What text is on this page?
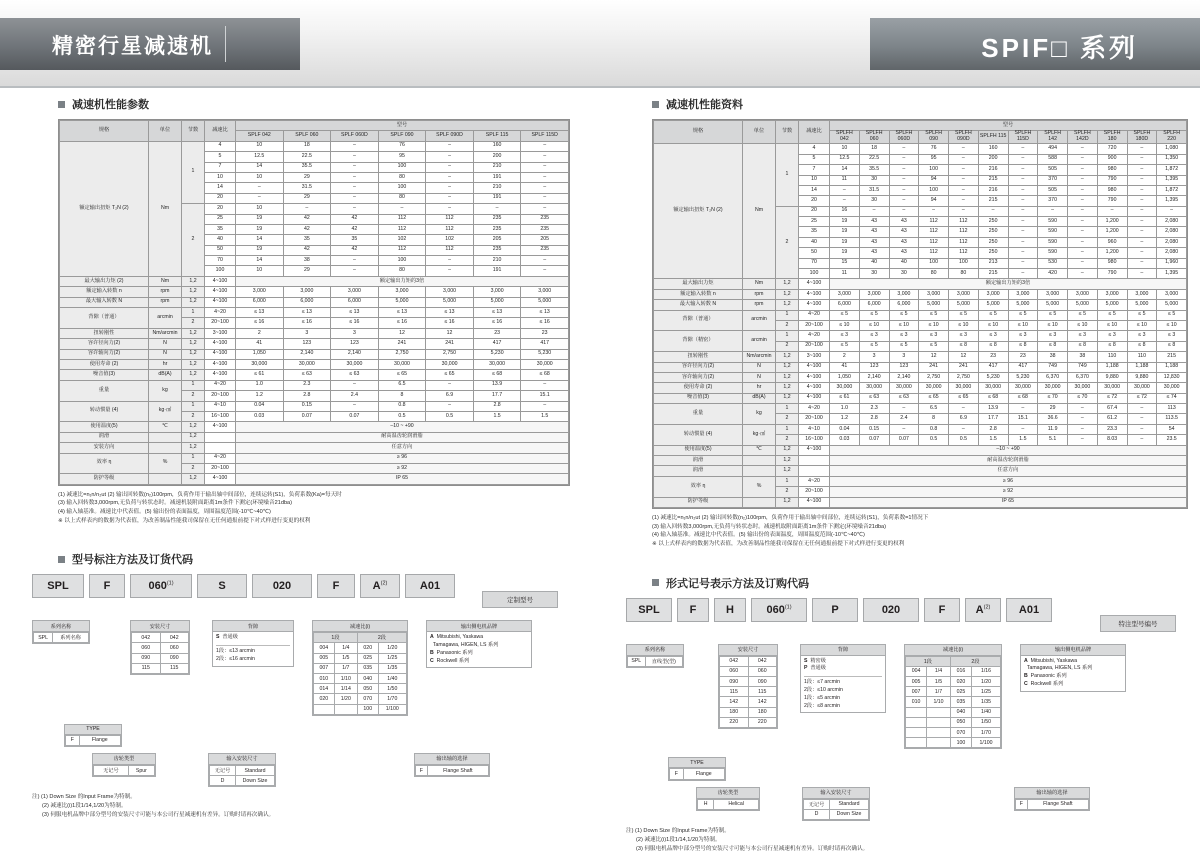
精密行星减速机	SPIF□ 系列
减速机性能参数
规格	单位	节数	减速比	型号						
				SPLF 042	SPLF 060	SPLF 060D	SPLF 090	SPLF 090D	SPLF 115	SPLF 115D
额定输出扭矩 T₂N (2)	Nm	1	4	10	18	–	76	–	160	–
			5	12.5	22.5	–	95	–	200	–
			7	14	35.5	–	100	–	210	–
			10	10	29	–	80	–	191	–
			14	–	31.5	–	100	–	210	–
			20	–	29	–	80	–	191	–
		2	20	10	–	–	–	–	–	–
			25	19	42	42	112	112	235	235
			35	19	42	42	112	112	235	235
			40	14	35	35	102	102	205	205
			50	19	42	42	112	112	235	235
			70	14	38	–	100	–	210	–
			100	10	29	–	80	–	191	–
最大输出力矩 (2)	Nm	1,2	4~100	额定输出力矩的3倍						
额定输入转数 n	rpm	1,2	4~100	3,000	3,000	3,000	3,000	3,000	3,000	3,000
最大输入转数 N	rpm	1,2	4~100	6,000	6,000	6,000	5,000	5,000	5,000	5,000
背隙（普通）	arcmin	1	4~20	≤ 13	≤ 13	≤ 13	≤ 13	≤ 13	≤ 13	≤ 13
		2	20~100	≤ 16	≤ 16	≤ 16	≤ 16	≤ 16	≤ 16	≤ 16
扭转刚性	Nm/arcmin	1,2	3~100	2	3	3	12	12	23	23
容许径向力(2)	N	1,2	4~100	41	123	123	241	241	417	417
容许轴向力(2)	N	1,2	4~100	1,050	2,140	2,140	2,750	2,750	5,230	5,230
使用寿命 (2)	hr	1,2	4~100	30,000	30,000	30,000	30,000	30,000	30,000	30,000
噪音值(3)	dB(A)	1,2	4~100	≤ 61	≤ 63	≤ 63	≤ 65	≤ 65	≤ 68	≤ 68
重量	kg	1	4~20	1.0	2.3	–	6.5	–	13.9	–
		2	20~100	1.2	2.8	2.4	8	6.9	17.7	15.1
转动惯量 (4)	kg·㎠	1	4~10	0.04	0.15	–	0.8	–	2.8	–
		2	16~100	0.03	0.07	0.07	0.5	0.5	1.5	1.5
使用温度(5)	℃	1,2	4~100	–10 ~ +90						
润滑		1,2		耐高温齿轮润滑脂						
安装方向		1,2		任意方向						
效率 η	%	1	4~20	≥ 96						
		2	20~100	≥ 92						
防护等级		1,2	4~100	IP 65						
(1) 减速比=n₁n/n₂ut (2) 输出回转数(n₂)100rpm，负荷作用于输出轴中间部位，连续运转(S1)，负荷系数(Ka)=每天时
(3) 输入回转数3,000rpm,无负荷与转状态时。减速机装附面距离1m条件下测定(环境噪音21dba)
(4) 输入轴基准。减速比中代表值。(5) 输出份的表面温度，周围温度范围(-10℃~40℃)
※ 以上式样表内的数据为代表值，为改善制品性能我司保留在无任何通报前提下对式样进行变更的权利
型号标注方法及订货代码
SPL	F	060$^{(1)}$	S	020	F	$A^{(2)}$	A01
定制型号
系列名称
SPL	系列名称
安装尺寸
042	042
060	060
090	090
115	115
背隙
S  普通级
1段：≤13 arcmin
2段：≤16 arcmin
减速比(i)
1段		2段	
004	1/4	020	1/20
005	1/5	025	1/25
007	1/7	035	1/35
010	1/10	040	1/40
014	1/14	050	1/50
020	1/20	070	1/70
		100	1/100
输出侧电机品牌
A  Mitsubishi, Yaskawa
Tamagawa, HIGEN, LS 系列
B  Panasonic 系列
C  Rockwell 系列
TYPE
F	Flange
齿轮类型
无记号	Spur
输入安装尺寸
无记号	Standard
D	Down Size
输出轴的选择
F	Flange Shaft
注) (1) Down Size 的Input Frame为特制。
(2) 减速比(i)1段1/14,1/20为特制。
(3) 伺服电机品牌中部分型号的安装尺寸可能与本公司行星减速机有差异。订购时请再次确认。
减速机性能资料
规格	单位	节数	减速比	型号											
				SPLFH 042	SPLFH 060	SPLFH 060D	SPLFH 090	SPLFH 090D	SPLFH 115	SPLFH 115D	SPLFH 142	SPLFH 142D	SPLFH 180	SPLFH 180D	SPLFH 220
额定输出扭矩 T₂N (2)	Nm	1	4	10	18	–	76	–	160	–	494	–	720	–	1,080
			5	12.5	22.5	–	95	–	200	–	588	–	900	–	1,350
			7	14	35.5	–	100	–	216	–	505	–	980	–	1,872
			10	11	30	–	94	–	215	–	370	–	790	–	1,395
			14	–	31.5	–	100	–	216	–	505	–	980	–	1,872
			20	–	30	–	94	–	215	–	370	–	790	–	1,395
		2	20	16	–	–	–	–	–	–	–	–	–	–	–
			25	19	43	43	112	112	250	–	590	–	1,200	–	2,080
			35	19	43	43	112	112	250	–	590	–	1,200	–	2,080
			40	19	43	43	112	112	250	–	590	–	960	–	2,080
			50	19	43	43	112	112	250	–	590	–	1,200	–	2,080
			70	15	40	40	100	100	213	–	530	–	980	–	1,960
			100	11	30	30	80	80	215	–	420	–	790	–	1,395
最大输出力矩	Nm	1,2	4~100	额定输出力矩的3倍											
额定输入转数 n	rpm	1,2	4~100	3,000	3,000	3,000	3,000	3,000	3,000	3,000	3,000	3,000	3,000	3,000	3,000
最大输入转数 N	rpm	1,2	4~100	6,000	6,000	6,000	5,000	5,000	5,000	5,000	5,000	5,000	5,000	5,000	5,000
背隙（普通）	arcmin	1	4~20	≤ 5	≤ 5	≤ 5	≤ 5	≤ 5	≤ 5	≤ 5	≤ 5	≤ 5	≤ 5	≤ 5	≤ 5
		2	20~100	≤ 10	≤ 10	≤ 10	≤ 10	≤ 10	≤ 10	≤ 10	≤ 10	≤ 10	≤ 10	≤ 10	≤ 10
背隙（精密）	arcmin	1	4~20	≤ 3	≤ 3	≤ 3	≤ 3	≤ 3	≤ 3	≤ 3	≤ 3	≤ 3	≤ 3	≤ 3	≤ 3
		2	20~100	≤ 5	≤ 5	≤ 5	≤ 5	≤ 8	≤ 8	≤ 8	≤ 8	≤ 8	≤ 8	≤ 8	≤ 8
扭转刚性	Nm/arcmin	1,2	3~100	2	3	3	12	12	23	23	38	38	110	110	215
容许径向力(2)	N	1,2	4~100	41	123	123	241	241	417	417	749	749	1,188	1,188	1,188
容许轴向力(2)	N	1,2	4~100	1,050	2,140	2,140	2,750	2,750	5,230	5,230	6,370	6,370	9,880	9,880	12,830
使用寿命 (2)	hr	1,2	4~100	30,000	30,000	30,000	30,000	30,000	30,000	30,000	30,000	30,000	30,000	30,000	30,000
噪音值(3)	dB(A)	1,2	4~100	≤ 61	≤ 63	≤ 63	≤ 65	≤ 65	≤ 68	≤ 68	≤ 70	≤ 70	≤ 72	≤ 72	≤ 74
重量	kg	1	4~20	1.0	2.3	–	6.5	–	13.9	–	29	–	67.4	–	113
		2	20~100	1.2	2.8	2.4	8	6.9	17.7	15.1	36.6	–	61.2	–	113.5
转动惯量 (4)	kg·㎠	1	4~10	0.04	0.15	–	0.8	–	2.8	–	11.9	–	23.3	–	54
		2	16~100	0.03	0.07	0.07	0.5	0.5	1.5	1.5	5.1	–	8.03	–	23.5
使用温度(5)	℃	1,2	4~100	–10 ~ +90											
润滑		1,2		耐高温齿轮润滑脂											
润滑		1,2		任意方向											
效率 η	%	1	4~20	≥ 96											
		2	20~100	≥ 92											
防护等级		1,2	4~100	IP 65											
(1) 减速比=n₁n/n₂ut (2) 输出回转数(n₂)100rpm，负荷作用于输出轴中间部位，连续运转(S1)，负荷系数=1情况下
(3) 输入回转数3,000rpm,无负荷与转状态时。减速机取附面距离1m条件下测定(环境噪音21dba)
(4) 输入轴基准。减速比中代表值。(5) 输出份的表面温度，周围温度范围(-10℃~40℃)
※ 以上式样表内的数据为代表值，为改善制品性能我司保留在无任何通报前提下对式样进行变更的权利
形式记号表示方法及订购代码
SPL	F	H	060$^{(1)}$	P	020	F	$A^{(2)}$	A01
特注型号编号
系列名称
SPL	直线型(型)
安装尺寸
042	042
060	060
090	090
115	115
142	142
180	180
220	220
背隙
S  精密级
P  普通级
1段：≤7 arcmin
2段：≤10 arcmin
1段：≤5 arcmin
2段：≤8 arcmin
减速比(i)
1段		2段	
004	1/4	016	1/16
005	1/5	020	1/20
007	1/7	025	1/25
010	1/10	035	1/35
		040	1/40
		050	1/50
		070	1/70
		100	1/100
输出侧电机品牌
A  Mitsubishi, Yaskawa
Tamagawa, HIGEN, LS 系列
B  Panasonic 系列
C  Rockwell 系列
TYPE
F	Flange
齿轮类型
H	Helical
输入安装尺寸
无记号	Standard
D	Down Size
输出轴的选择
F	Flange Shaft
注) (1) Down Size 的Input Frame为特制。
(2) 减速比(i)1段1/14,1/20为特制。
(3) 伺服电机品牌中部分型号的安装尺寸可能与本公司行星减速机有差异。订购时请再次确认。
